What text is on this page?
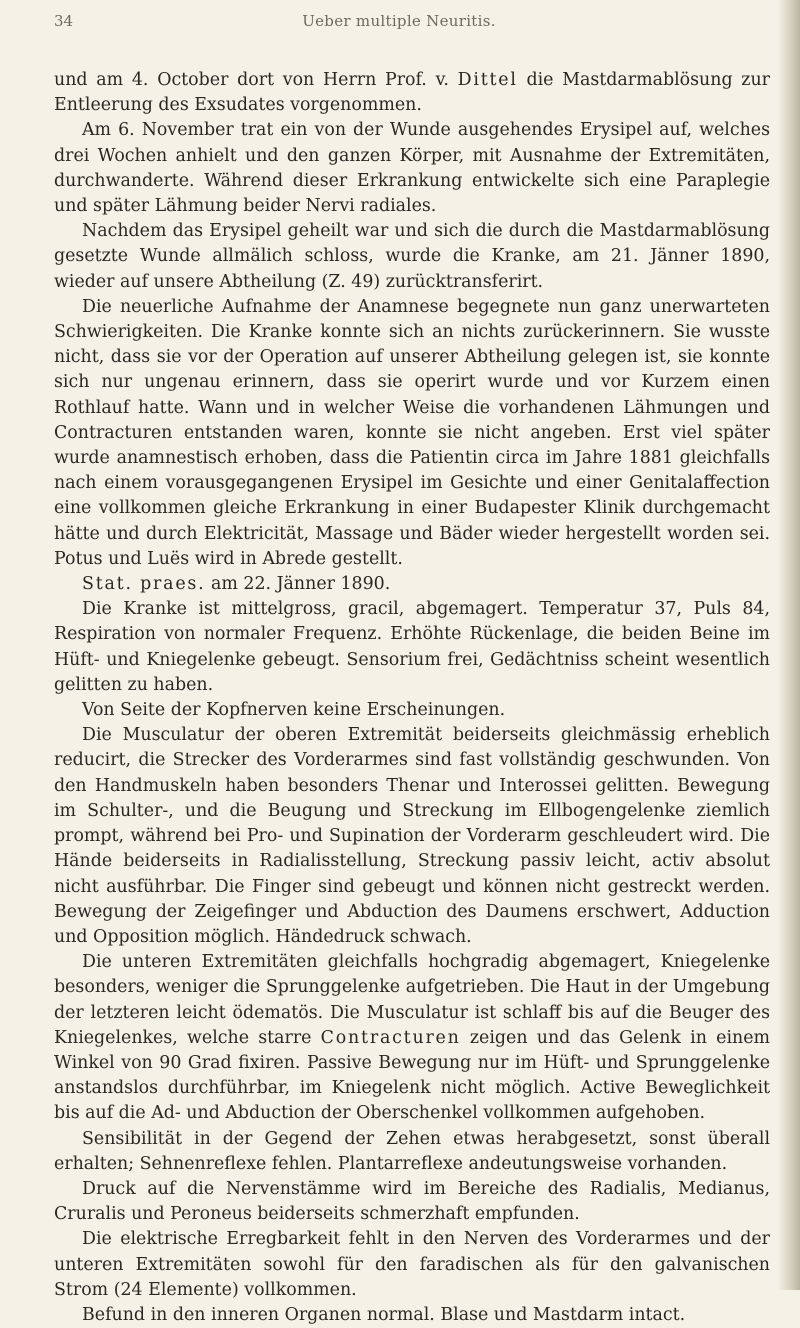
34	Ueber multiple Neuritis.

und am 4. October dort von Herrn Prof. v. Dittel die Mastdarmablösung zur Entleerung des Exsudates vorgenommen.

Am 6. November trat ein von der Wunde ausgehendes Erysipel auf, welches drei Wochen anhielt und den ganzen Körper, mit Ausnahme der Extremitäten, durchwanderte. Während dieser Erkrankung entwickelte sich eine Paraplegie und später Lähmung beider Nervi radiales.

Nachdem das Erysipel geheilt war und sich die durch die Mastdarmablösung gesetzte Wunde allmälich schloss, wurde die Kranke, am 21. Jänner 1890, wieder auf unsere Abtheilung (Z. 49) zurücktransferirt.

Die neuerliche Aufnahme der Anamnese begegnete nun ganz unerwarteten Schwierigkeiten. Die Kranke konnte sich an nichts zurückerinnern. Sie wusste nicht, dass sie vor der Operation auf unserer Abtheilung gelegen ist, sie konnte sich nur ungenau erinnern, dass sie operirt wurde und vor Kurzem einen Rothlauf hatte. Wann und in welcher Weise die vorhandenen Lähmungen und Contracturen entstanden waren, konnte sie nicht angeben. Erst viel später wurde anamnestisch erhoben, dass die Patientin circa im Jahre 1881 gleichfalls nach einem vorausgegangenen Erysipel im Gesichte und einer Genitalaffection eine vollkommen gleiche Erkrankung in einer Budapester Klinik durchgemacht hätte und durch Elektricität, Massage und Bäder wieder hergestellt worden sei. Potus und Luës wird in Abrede gestellt.

Stat. praes. am 22. Jänner 1890.

Die Kranke ist mittelgross, gracil, abgemagert. Temperatur 37, Puls 84, Respiration von normaler Frequenz. Erhöhte Rückenlage, die beiden Beine im Hüft- und Kniegelenke gebeugt. Sensorium frei, Gedächtniss scheint wesentlich gelitten zu haben.

Von Seite der Kopfnerven keine Erscheinungen.

Die Musculatur der oberen Extremität beiderseits gleichmässig erheblich reducirt, die Strecker des Vorderarmes sind fast vollständig geschwunden. Von den Handmuskeln haben besonders Thenar und Interossei gelitten. Bewegung im Schulter-, und die Beugung und Streckung im Ellbogengelenke ziemlich prompt, während bei Pro- und Supination der Vorderarm geschleudert wird. Die Hände beiderseits in Radialisstellung, Streckung passiv leicht, activ absolut nicht ausführbar. Die Finger sind gebeugt und können nicht gestreckt werden. Bewegung der Zeigefinger und Abduction des Daumens erschwert, Adduction und Opposition möglich. Händedruck schwach.

Die unteren Extremitäten gleichfalls hochgradig abgemagert, Kniegelenke besonders, weniger die Sprunggelenke aufgetrieben. Die Haut in der Umgebung der letzteren leicht ödematös. Die Musculatur ist schlaff bis auf die Beuger des Kniegelenkes, welche starre Contracturen zeigen und das Gelenk in einem Winkel von 90 Grad fixiren. Passive Bewegung nur im Hüft- und Sprunggelenke anstandslos durchführbar, im Kniegelenk nicht möglich. Active Beweglichkeit bis auf die Ad- und Abduction der Oberschenkel vollkommen aufgehoben.

Sensibilität in der Gegend der Zehen etwas herabgesetzt, sonst überall erhalten; Sehnenreflexe fehlen. Plantarreflexe andeutungsweise vorhanden.

Druck auf die Nervenstämme wird im Bereiche des Radialis, Medianus, Cruralis und Peroneus beiderseits schmerzhaft empfunden.

Die elektrische Erregbarkeit fehlt in den Nerven des Vorderarmes und der unteren Extremitäten sowohl für den faradischen als für den galvanischen Strom (24 Elemente) vollkommen.

Befund in den inneren Organen normal. Blase und Mastdarm intact.
